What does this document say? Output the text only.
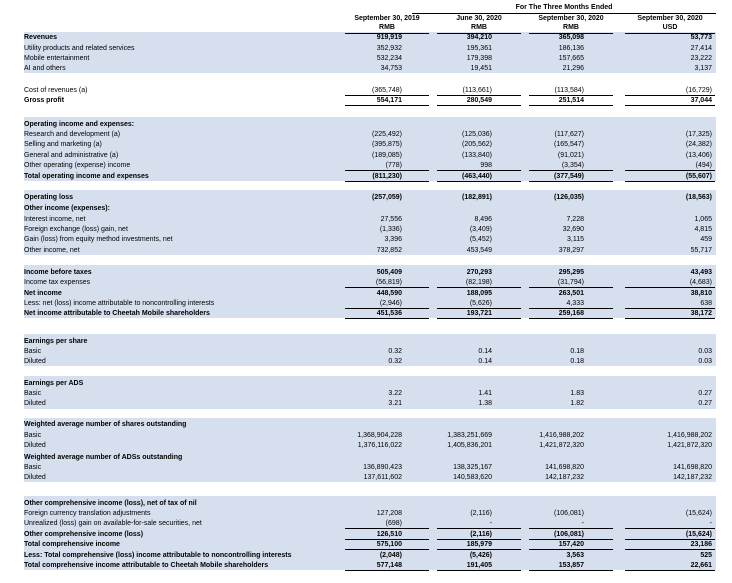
For The Three Months Ended
September 30, 2019	June 30, 2020	September 30, 2020	September 30, 2020
RMB	RMB	RMB	USD
Revenues	919,919	394,210	365,098	53,773
Utility products and related services	352,932	195,361	186,136	27,414
Mobile entertainment	532,234	179,398	157,665	23,222
AI and others	34,753	19,451	21,296	3,137
Cost of revenues (a)	(365,748)	(113,661)	(113,584)	(16,729)
Gross profit	554,171	280,549	251,514	37,044
Operating income and expenses:
Research and development (a)	(225,492)	(125,036)	(117,627)	(17,325)
Selling and marketing (a)	(395,875)	(205,562)	(165,547)	(24,382)
General and administrative (a)	(189,085)	(133,840)	(91,021)	(13,406)
Other operating (expense) income	(778)	998	(3,354)	(494)
Total operating income and expenses	(811,230)	(463,440)	(377,549)	(55,607)
Operating loss	(257,059)	(182,891)	(126,035)	(18,563)
Other income (expenses):
Interest income, net	27,556	8,496	7,228	1,065
Foreign exchange (loss) gain, net	(1,336)	(3,409)	32,690	4,815
Gain (loss) from equity method investments, net	3,396	(5,452)	3,115	459
Other income, net	732,852	453,549	378,297	55,717
Income before taxes	505,409	270,293	295,295	43,493
Income tax expenses	(56,819)	(82,198)	(31,794)	(4,683)
Net income	448,590	188,095	263,501	38,810
Less: net (loss) income attributable to noncontrolling interests	(2,946)	(5,626)	4,333	638
Net income attributable to Cheetah Mobile shareholders	451,536	193,721	259,168	38,172
Earnings per share
Basic	0.32	0.14	0.18	0.03
Diluted	0.32	0.14	0.18	0.03
Earnings per ADS
Basic	3.22	1.41	1.83	0.27
Diluted	3.21	1.38	1.82	0.27
Weighted average number of shares outstanding
Basic	1,368,904,228	1,383,251,669	1,416,988,202	1,416,988,202
Diluted	1,376,116,022	1,405,836,201	1,421,872,320	1,421,872,320
Weighted average number of ADSs outstanding
Basic	136,890,423	138,325,167	141,698,820	141,698,820
Diluted	137,611,602	140,583,620	142,187,232	142,187,232
Other comprehensive income (loss), net of tax of nil
Foreign currency translation adjustments	127,208	(2,116)	(106,081)	(15,624)
Unrealized (loss) gain on available-for-sale securities, net	(698)	-	-	-
Other comprehensive income (loss)	126,510	(2,116)	(106,081)	(15,624)
Total comprehensive income	575,100	185,979	157,420	23,186
Less: Total comprehensive (loss) income attributable to noncontrolling interests	(2,048)	(5,426)	3,563	525
Total comprehensive income attributable to Cheetah Mobile shareholders	577,148	191,405	153,857	22,661
